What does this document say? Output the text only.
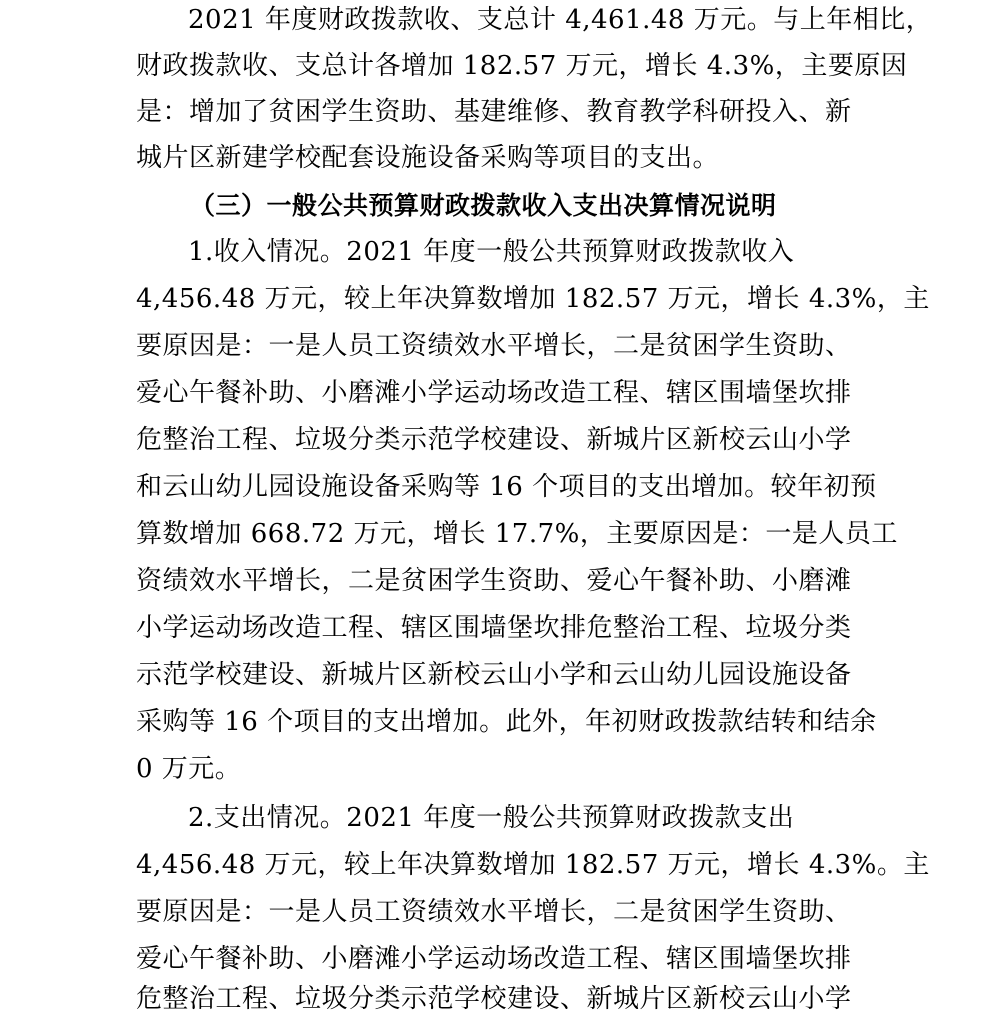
2021 年度财政拨款收、支总计 4,461.48 万元。与上年相比，
财政拨款收、支总计各增加 182.57 万元，增长 4.3%，主要原因
是：增加了贫困学生资助、基建维修、教育教学科研投入、新
城片区新建学校配套设施设备采购等项目的支出。
（三）一般公共预算财政拨款收入支出决算情况说明
1.收入情况。2021 年度一般公共预算财政拨款收入
4,456.48 万元，较上年决算数增加 182.57 万元，增长 4.3%，主
要原因是：一是人员工资绩效水平增长，二是贫困学生资助、
爱心午餐补助、小磨滩小学运动场改造工程、辖区围墙堡坎排
危整治工程、垃圾分类示范学校建设、新城片区新校云山小学
和云山幼儿园设施设备采购等 16 个项目的支出增加。较年初预
算数增加 668.72 万元，增长 17.7%，主要原因是：一是人员工
资绩效水平增长，二是贫困学生资助、爱心午餐补助、小磨滩
小学运动场改造工程、辖区围墙堡坎排危整治工程、垃圾分类
示范学校建设、新城片区新校云山小学和云山幼儿园设施设备
采购等 16 个项目的支出增加。此外，年初财政拨款结转和结余
0 万元。
2.支出情况。2021 年度一般公共预算财政拨款支出
4,456.48 万元，较上年决算数增加 182.57 万元，增长 4.3%。主
要原因是：一是人员工资绩效水平增长，二是贫困学生资助、
爱心午餐补助、小磨滩小学运动场改造工程、辖区围墙堡坎排
危整治工程、垃圾分类示范学校建设、新城片区新校云山小学
